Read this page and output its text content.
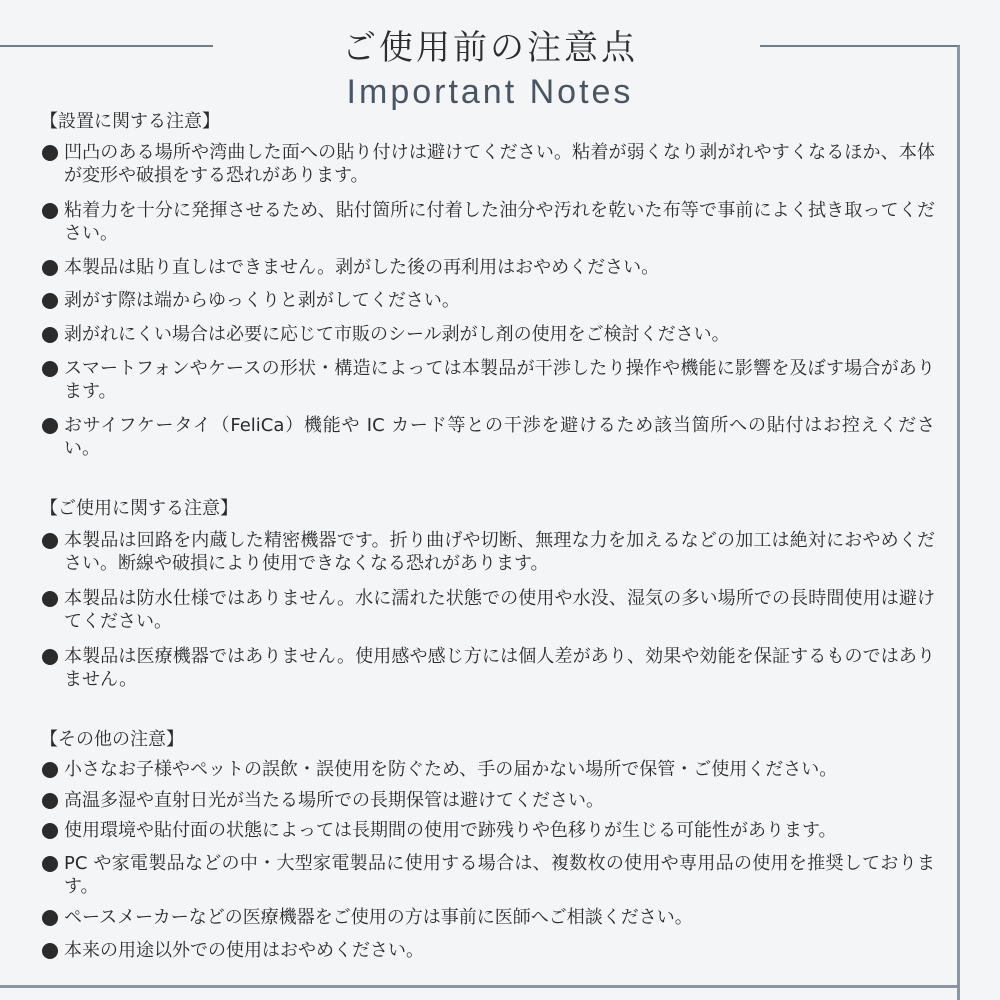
ご使用前の注意点
Important Notes
【設置に関する注意】
凹凸のある場所や湾曲した面への貼り付けは避けてください。粘着が弱くなり剥がれやすくなるほか、本体が変形や破損をする恐れがあります。
粘着力を十分に発揮させるため、貼付箇所に付着した油分や汚れを乾いた布等で事前によく拭き取ってください。
本製品は貼り直しはできません。剥がした後の再利用はおやめください。
剥がす際は端からゆっくりと剥がしてください。
剥がれにくい場合は必要に応じて市販のシール剥がし剤の使用をご検討ください。
スマートフォンやケースの形状・構造によっては本製品が干渉したり操作や機能に影響を及ぼす場合があります。
おサイフケータイ（FeliCa）機能や IC カード等との干渉を避けるため該当箇所への貼付はお控えください。
【ご使用に関する注意】
本製品は回路を内蔵した精密機器です。折り曲げや切断、無理な力を加えるなどの加工は絶対におやめください。断線や破損により使用できなくなる恐れがあります。
本製品は防水仕様ではありません。水に濡れた状態での使用や水没、湿気の多い場所での長時間使用は避けてください。
本製品は医療機器ではありません。使用感や感じ方には個人差があり、効果や効能を保証するものではありません。
【その他の注意】
小さなお子様やペットの誤飲・誤使用を防ぐため、手の届かない場所で保管・ご使用ください。
高温多湿や直射日光が当たる場所での長期保管は避けてください。
使用環境や貼付面の状態によっては長期間の使用で跡残りや色移りが生じる可能性があります。
PC や家電製品などの中・大型家電製品に使用する場合は、複数枚の使用や専用品の使用を推奨しております。
ペースメーカーなどの医療機器をご使用の方は事前に医師へご相談ください。
本来の用途以外での使用はおやめください。
